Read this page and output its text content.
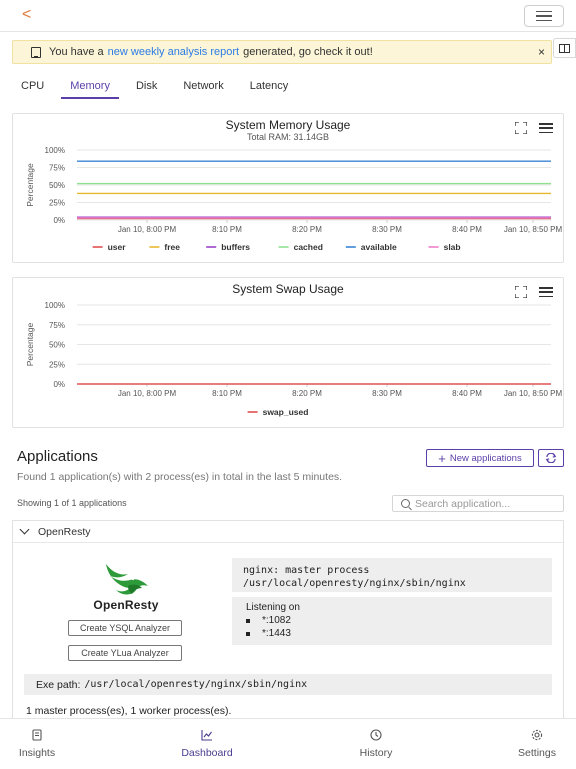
<
You have a new weekly analysis report generated, go check it out!	×
CPU	Memory	Disk	Network	Latency
100%
75%
50%
25%
0%
Percentage
Jan 10, 8:00 PM	8:10 PM	8:20 PM	8:30 PM	8:40 PM	Jan 10, 8:50 PM
user	free	buffers	cached	available	slab
System Memory Usage
Total RAM: 31.14GB
100%
75%
50%
25%
0%
Percentage
Jan 10, 8:00 PM	8:10 PM	8:20 PM	8:30 PM	8:40 PM	Jan 10, 8:50 PM
swap_used
System Swap Usage
Applications
Found 1 application(s) with 2 process(es) in total in the last 5 minutes.
+ New applications
Showing 1 of 1 applications	Search application...
OpenResty
OpenResty
Create YSQL Analyzer
Create YLua Analyzer
nginx: master process /usr/local/openresty/nginx/sbin/nginx
Listening on
*:1082
*:1443
Exe path: /usr/local/openresty/nginx/sbin/nginx
1 master process(es), 1 worker process(es).
Insights	Dashboard	History	Settings
